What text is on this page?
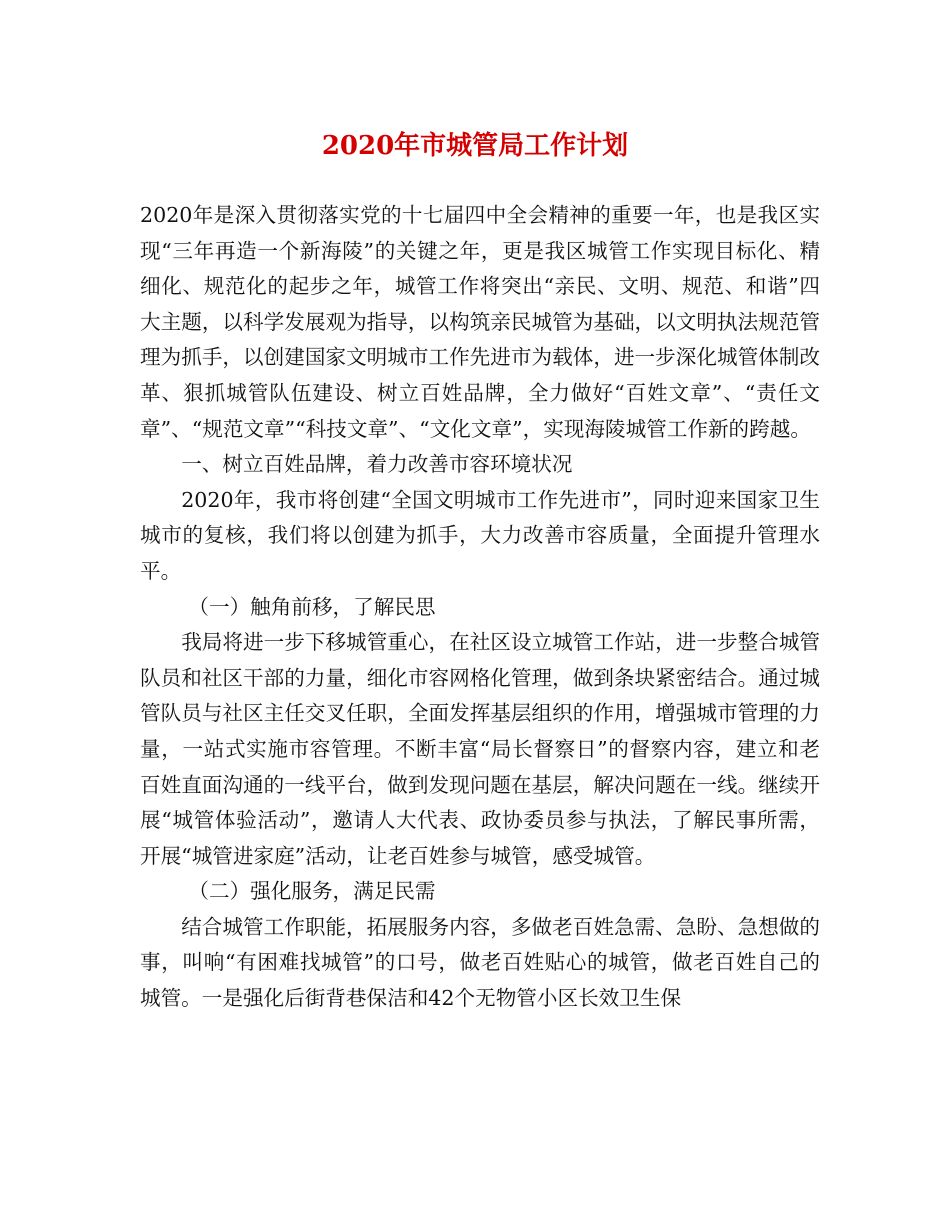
2020年市城管局工作计划

2020年是深入贯彻落实党的十七届四中全会精神的重要一年，也是我区实现“三年再造一个新海陵”的关键之年，更是我区城管工作实现目标化、精细化、规范化的起步之年，城管工作将突出“亲民、文明、规范、和谐”四大主题，以科学发展观为指导，以构筑亲民城管为基础，以文明执法规范管理为抓手，以创建国家文明城市工作先进市为载体，进一步深化城管体制改革、狠抓城管队伍建设、树立百姓品牌，全力做好“百姓文章”、“责任文章”、“规范文章”“科技文章”、“文化文章”，实现海陵城管工作新的跨越。

一、树立百姓品牌，着力改善市容环境状况

2020年，我市将创建“全国文明城市工作先进市”，同时迎来国家卫生城市的复核，我们将以创建为抓手，大力改善市容质量，全面提升管理水平。

（一）触角前移，了解民思

我局将进一步下移城管重心，在社区设立城管工作站，进一步整合城管队员和社区干部的力量，细化市容网格化管理，做到条块紧密结合。通过城管队员与社区主任交叉任职，全面发挥基层组织的作用，增强城市管理的力量，一站式实施市容管理。不断丰富“局长督察日”的督察内容，建立和老百姓直面沟通的一线平台，做到发现问题在基层，解决问题在一线。继续开展“城管体验活动”，邀请人大代表、政协委员参与执法，了解民事所需，开展“城管进家庭”活动，让老百姓参与城管，感受城管。

（二）强化服务，满足民需

结合城管工作职能，拓展服务内容，多做老百姓急需、急盼、急想做的事，叫响“有困难找城管”的口号，做老百姓贴心的城管，做老百姓自己的城管。一是强化后街背巷保洁和42个无物管小区长效卫生保
